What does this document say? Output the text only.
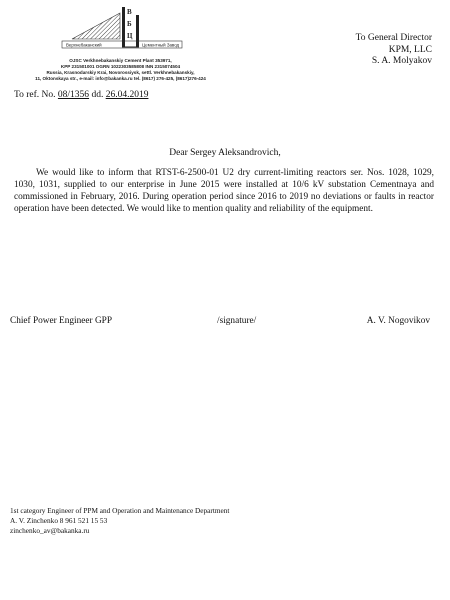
В
Б
Ц
Верхнебаканский	Цементный Завод
OJSC Verkhnebakanskiy Cement Plant 353971,
KPP 231501001 OGRN 1022303585808 INN 2315074504
Russia, Krasnodarskiy Krai, Novorossiysk, settl. Verkhnebakanskiy,
11, Oktonskaya str., e-mail: info@bakanka.ru tel. (8617) 276-425, (8617)276-424
To ref. No. 08/1356 dd. 26.04.2019
To General Director
KPM, LLC
S. A. Molyakov
Dear Sergey Aleksandrovich,
We would like to inform that RTST-6-2500-01 U2 dry current-limiting reactors ser. Nos. 1028, 1029, 1030, 1031, supplied to our enterprise in June 2015 were installed at 10/6 kV substation Cementnaya and commissioned in February, 2016. During operation period since 2016 to 2019 no deviations or faults in reactor operation have been detected. We would like to mention quality and reliability of the equipment.
Chief Power Engineer GPP	/signature/	A. V. Nogovikov
1st category Engineer of PPM and Operation and Maintenance Department
A. V. Zinchenko 8 961 521 15 53
zinchenko_av@bakanka.ru
